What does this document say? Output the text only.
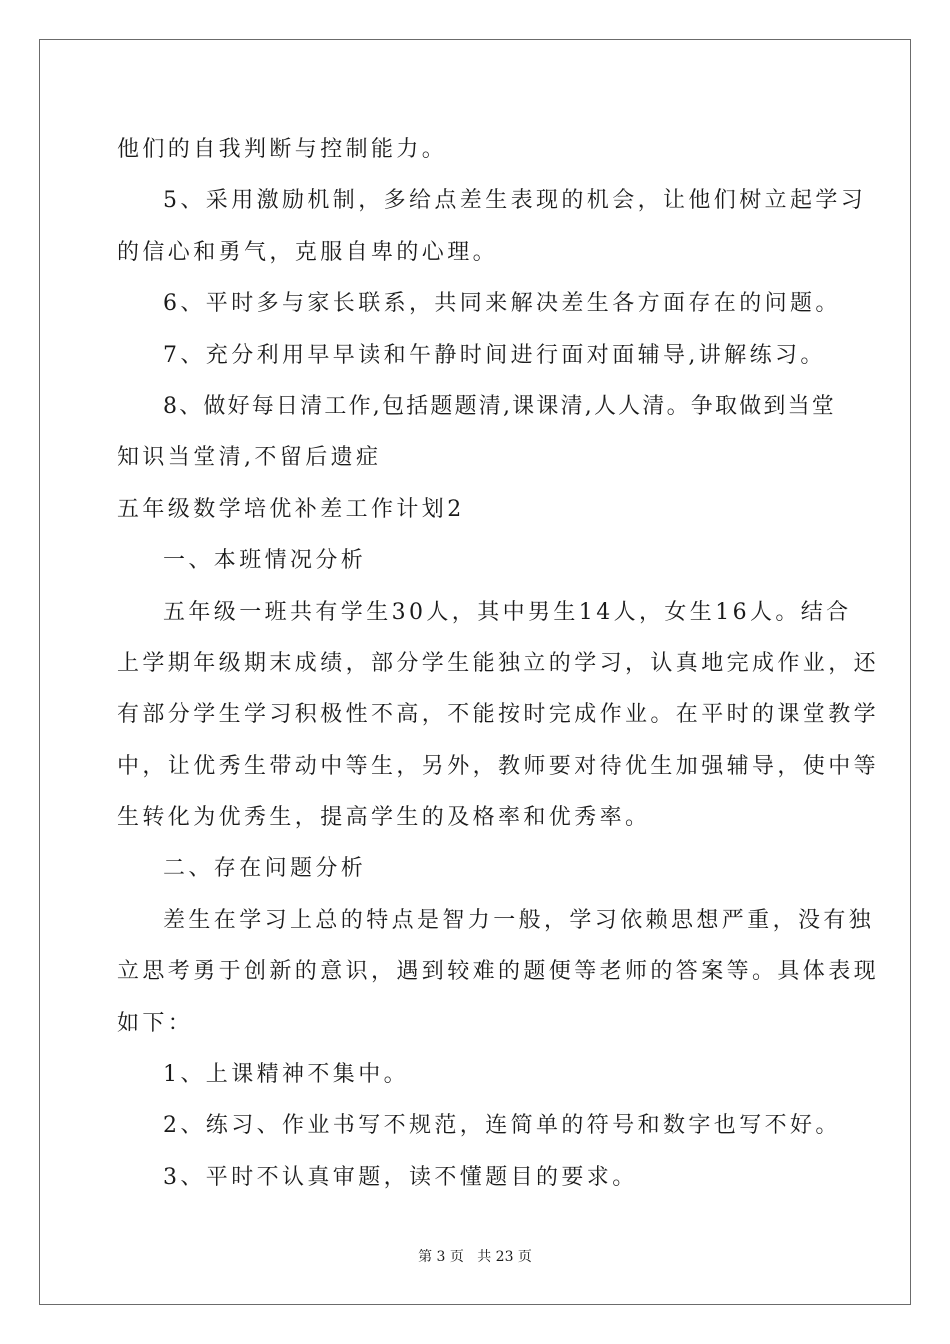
他们的自我判断与控制能力。
5、采用激励机制，多给点差生表现的机会，让他们树立起学习
的信心和勇气，克服自卑的心理。
6、平时多与家长联系，共同来解决差生各方面存在的问题。
7、充分利用早早读和午静时间进行面对面辅导,讲解练习。
8、做好每日清工作,包括题题清,课课清,人人清。争取做到当堂
知识当堂清,不留后遗症
五年级数学培优补差工作计划2
一、本班情况分析
五年级一班共有学生30人，其中男生14人，女生16人。结合
上学期年级期末成绩，部分学生能独立的学习，认真地完成作业，还
有部分学生学习积极性不高，不能按时完成作业。在平时的课堂教学
中，让优秀生带动中等生，另外，教师要对待优生加强辅导，使中等
生转化为优秀生，提高学生的及格率和优秀率。
二、存在问题分析
差生在学习上总的特点是智力一般，学习依赖思想严重，没有独
立思考勇于创新的意识，遇到较难的题便等老师的答案等。具体表现
如下：
1、上课精神不集中。
2、练习、作业书写不规范，连简单的符号和数字也写不好。
3、平时不认真审题，读不懂题目的要求。
第 3 页   共 23 页
